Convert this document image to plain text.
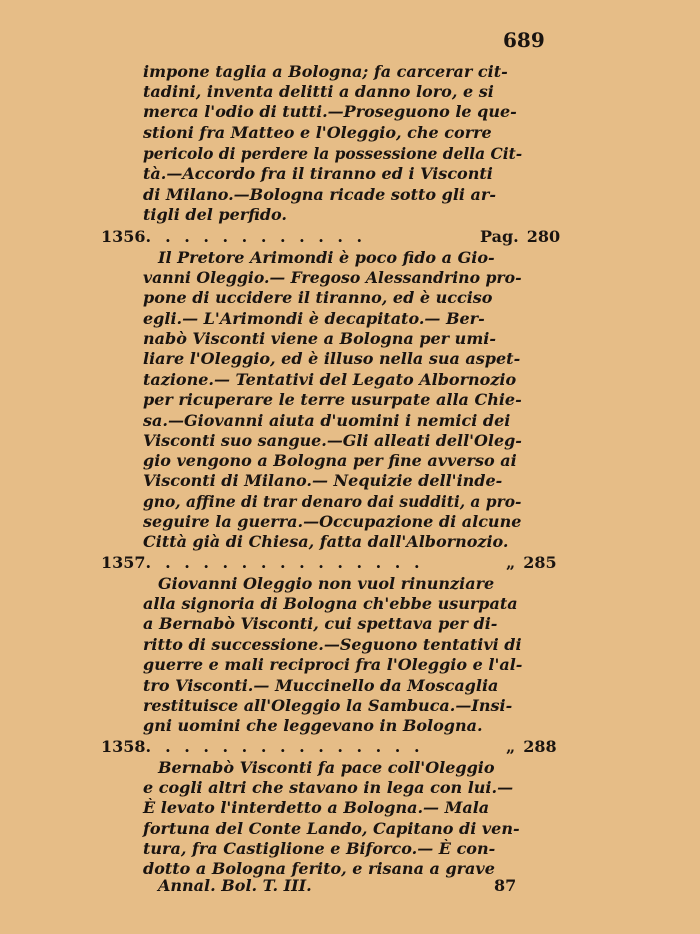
689
impone taglia a Bologna; fa carcerar cit-
tadini, inventa delitti a danno loro, e si
merca l'odio di tutti.—Proseguono le que-
stioni fra Matteo e l'Oleggio, che corre
pericolo di perdere la possessione della Cit-
tà.—Accordo fra il tiranno ed i Visconti
di Milano.—Bologna ricade sotto gli ar-
tigli del perfido.
1356. . . . . . . . . . . .	Pag. 280
Il Pretore Arimondi è poco fido a Gio-
vanni Oleggio.— Fregoso Alessandrino pro-
pone di uccidere il tiranno, ed è ucciso
egli.— L'Arimondi è decapitato.— Ber-
nabò Visconti viene a Bologna per umi-
liare l'Oleggio, ed è illuso nella sua aspet-
tazione.— Tentativi del Legato Albornozio
per ricuperare le terre usurpate alla Chie-
sa.—Giovanni aiuta d'uomini i nemici dei
Visconti suo sangue.—Gli alleati dell'Oleg-
gio vengono a Bologna per fine avverso ai
Visconti di Milano.— Nequizie dell'inde-
gno, affine di trar denaro dai sudditi, a pro-
seguire la guerra.—Occupazione di alcune
Città già di Chiesa, fatta dall'Albornozio.
1357. . . . . . . . . . . . . . .	„ 285
Giovanni Oleggio non vuol rinunziare
alla signoria di Bologna ch'ebbe usurpata
a Bernabò Visconti, cui spettava per di-
ritto di successione.—Seguono tentativi di
guerre e mali reciproci fra l'Oleggio e l'al-
tro Visconti.— Muccinello da Moscaglia
restituisce all'Oleggio la Sambuca.—Insi-
gni uomini che leggevano in Bologna.
1358. . . . . . . . . . . . . . .	„ 288
Bernabò Visconti fa pace coll'Oleggio
e cogli altri che stavano in lega con lui.—
È levato l'interdetto a Bologna.— Mala
fortuna del Conte Lando, Capitano di ven-
tura, fra Castiglione e Biforco.— È con-
dotto a Bologna ferito, e risana a grave
Annal. Bol. T. III.	87
